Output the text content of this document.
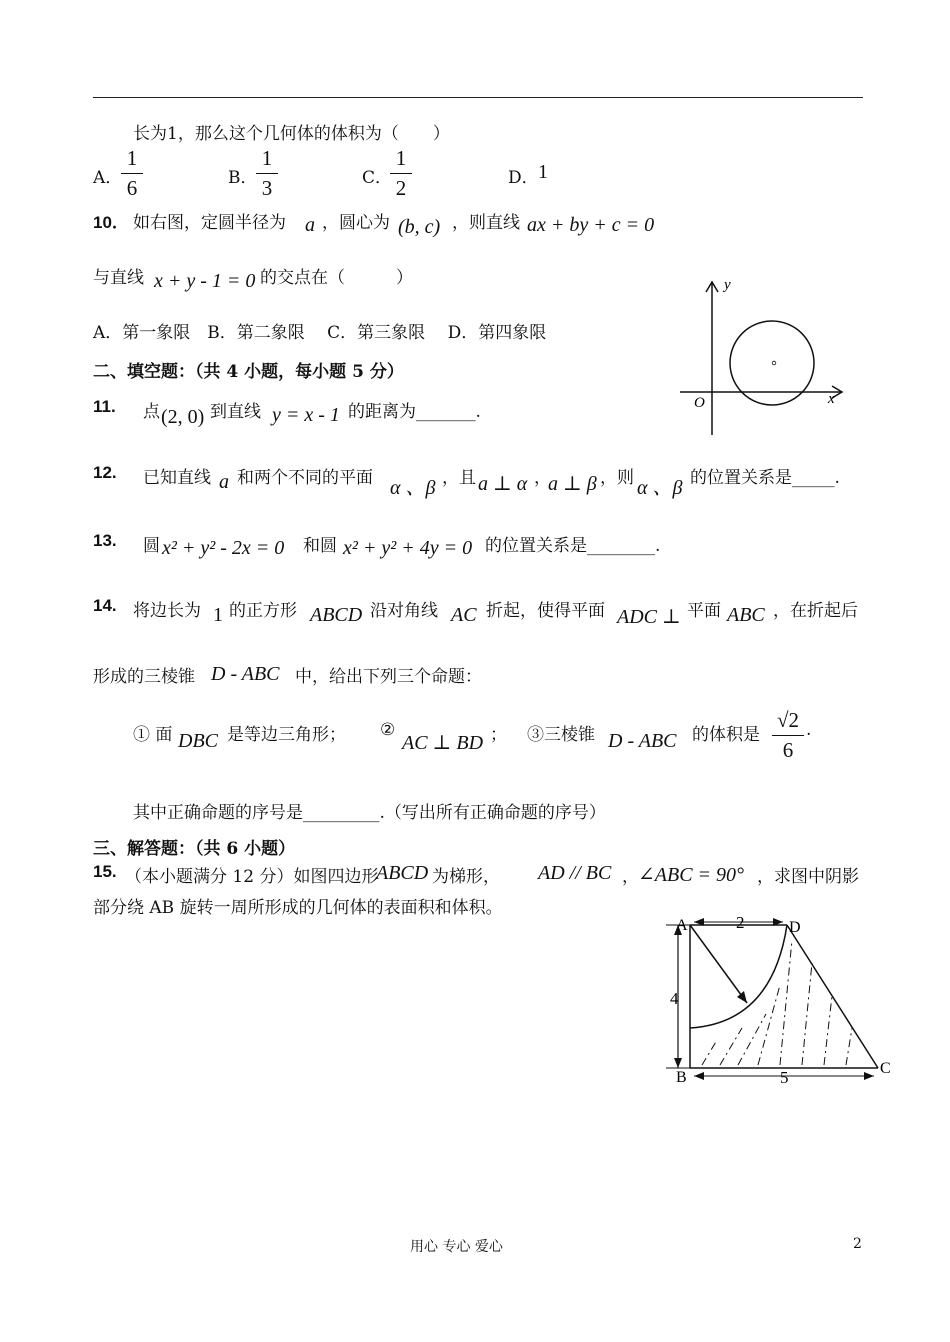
长为1，那么这个几何体的体积为（　　）
A．
1
6	B．
1
3	C．
1
2	D． 1
10． 如右图，定圆半径为 a ，圆心为 (b, c) ，则直线 ax + by + c = 0
与直线 x + y - 1 = 0 的交点在（　　　）
A．第一象限　B．第二象限　 C．第三象限　 D．第四象限
y
x
O
二、填空题：（共 4 小题，每小题 5 分）
11. 点 (2, 0) 到直线 y = x - 1 的距离为_______.
12. 已知直线 a 和两个不同的平面 α 、β ，且 a ⊥ α ，
a ⊥ β ，则 α 、β 的位置关系是_____.
13. 圆 x² + y² - 2x = 0 和圆 x² + y² + 4y = 0 的位置关系是________.
14. 将边长为 1 的正方形 ABCD 沿对角线 AC 折起，使得平面 ADC ⊥ 平面 ABC ，在折起后
形成的三棱锥 D - ABC 中，给出下列三个命题：
① 面 DBC 是等边三角形； ②
AC ⊥ BD ； ③三棱锥 D - ABC 的体积是
√2
6
.
其中正确命题的序号是_________.（写出所有正确命题的序号）
三、解答题：（共 6 小题）
15. （本小题满分 12 分）如图四边形
ABCD 为梯形， AD // BC ， ∠ABC = 90° ，求图中阴影
部分绕 AB 旋转一周所形成的几何体的表面积和体积。
A	D
B
C
2
4
5
用心 专心 爱心	2
